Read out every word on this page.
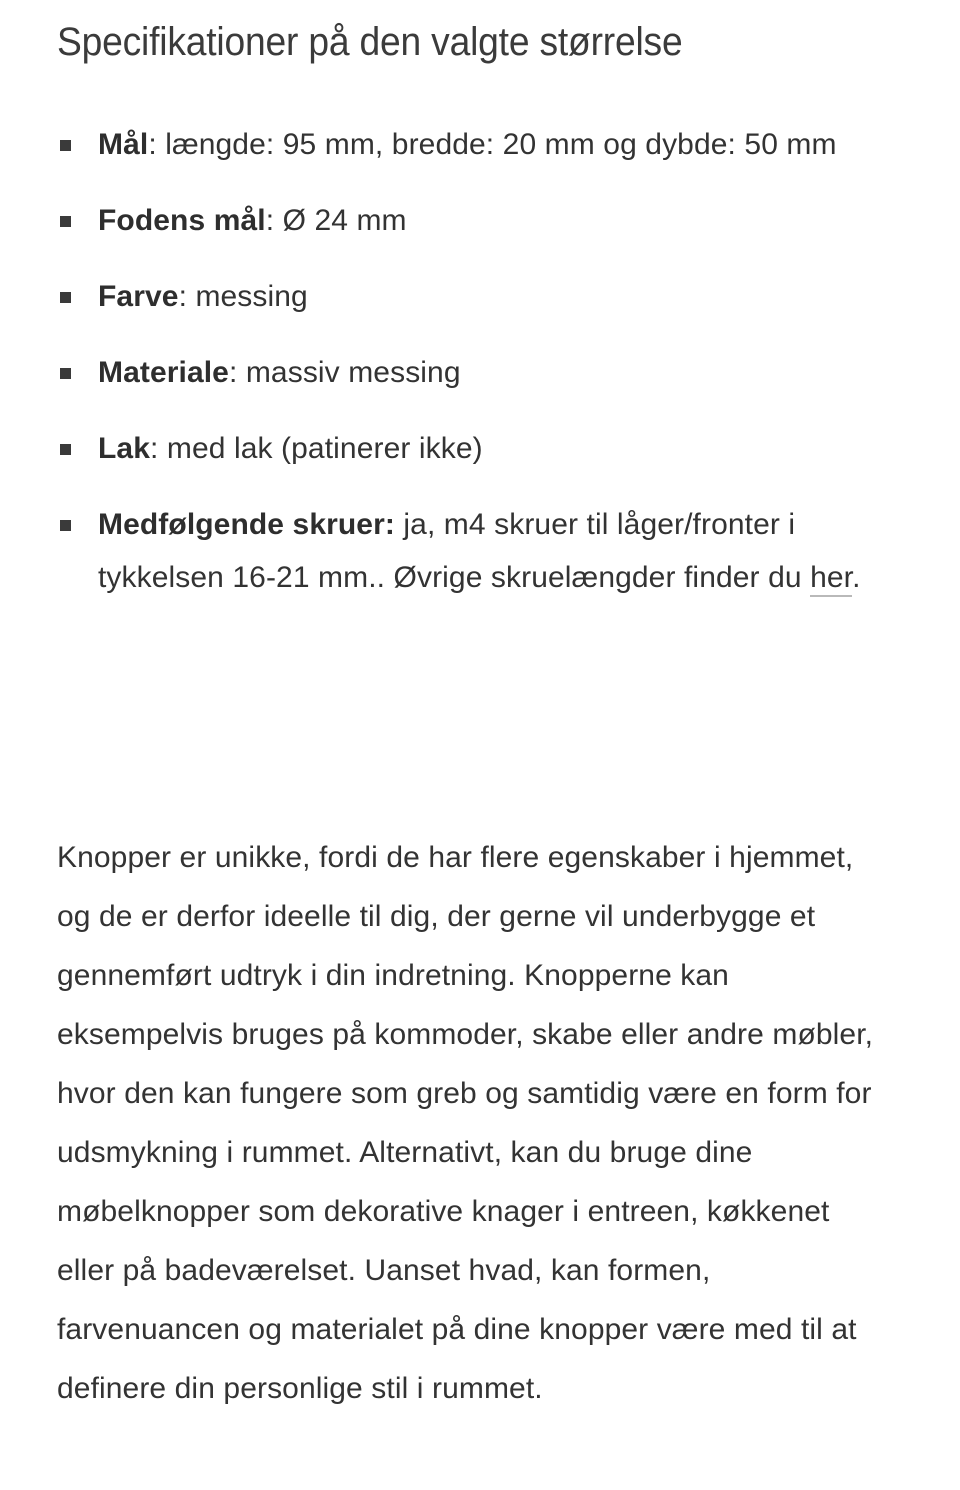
Specifikationer på den valgte størrelse
Mål: længde: 95 mm, bredde: 20 mm og dybde: 50 mm
Fodens mål: Ø 24 mm
Farve: messing
Materiale: massiv messing
Lak: med lak (patinerer ikke)
Medfølgende skruer: ja, m4 skruer til låger/fronter i tykkelsen 16-21 mm.. Øvrige skruelængder finder du her.

Knopper er unikke, fordi de har flere egenskaber i hjemmet, og de er derfor ideelle til dig, der gerne vil underbygge et gennemført udtryk i din indretning. Knopperne kan eksempelvis bruges på kommoder, skabe eller andre møbler, hvor den kan fungere som greb og samtidig være en form for udsmykning i rummet. Alternativt, kan du bruge dine møbelknopper som dekorative knager i entreen, køkkenet eller på badeværelset. Uanset hvad, kan formen, farvenuancen og materialet på dine knopper være med til at definere din personlige stil i rummet.
